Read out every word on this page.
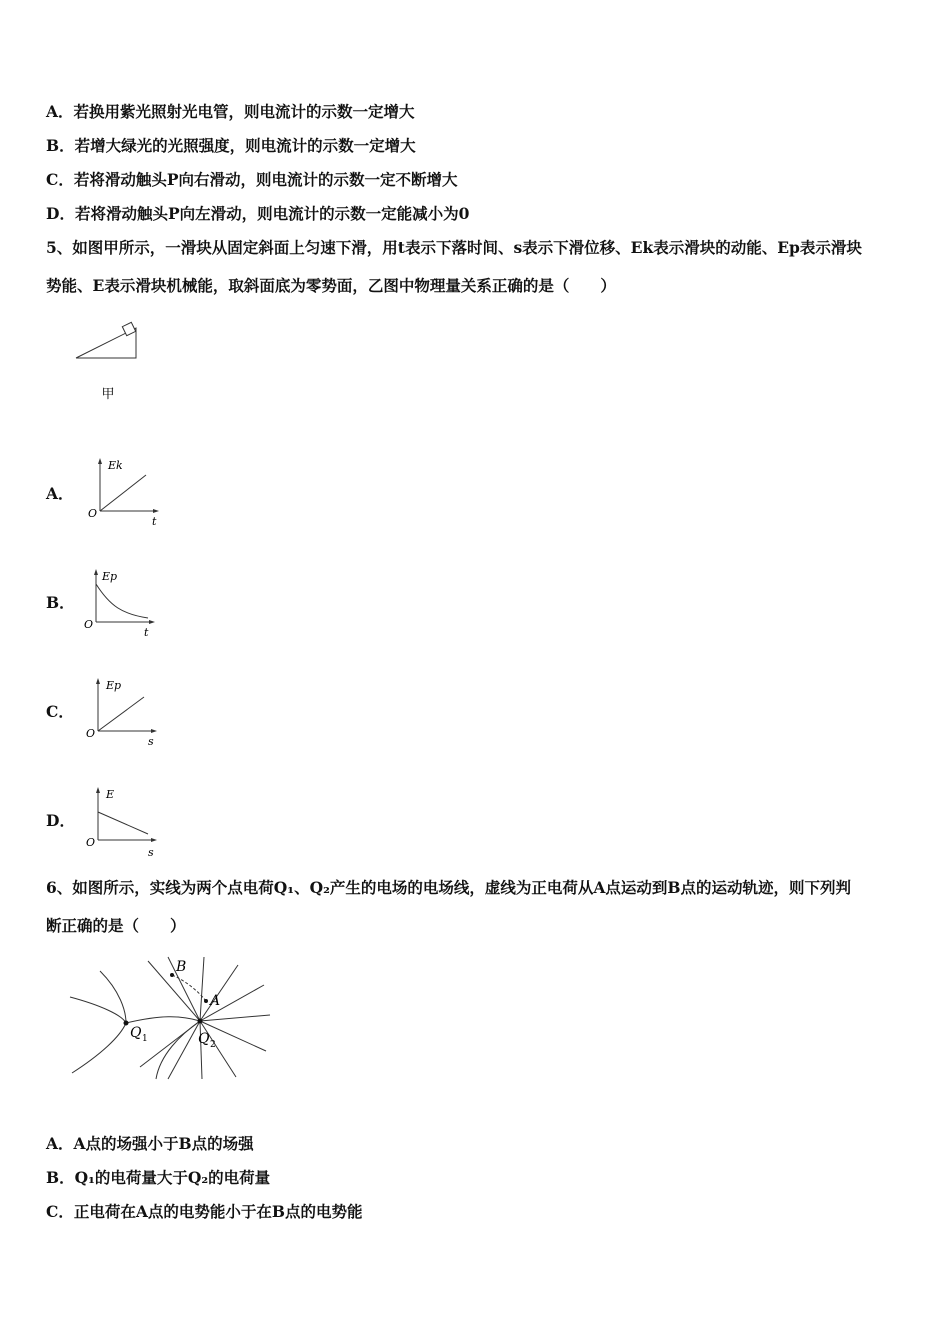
A．若换用紫光照射光电管，则电流计的示数一定增大
B．若增大绿光的光照强度，则电流计的示数一定增大
C．若将滑动触头P向右滑动，则电流计的示数一定不断增大
D．若将滑动触头P向左滑动，则电流计的示数一定能减小为0
5、如图甲所示，一滑块从固定斜面上匀速下滑，用t表示下落时间、s表示下滑位移、Ek表示滑块的动能、Ep表示滑块
势能、E表示滑块机械能，取斜面底为零势面，乙图中物理量关系正确的是（　　）
甲
A．
Ek
O
t
B．
Ep
O
t
C．
Ep
O
s
D．
E
O
s
6、如图所示，实线为两个点电荷Q₁、Q₂产生的电场的电场线，虚线为正电荷从A点运动到B点的运动轨迹，则下列判
断正确的是（　　）
B
A
Q 1	Q 2
A．A点的场强小于B点的场强
B．Q₁的电荷量大于Q₂的电荷量
C．正电荷在A点的电势能小于在B点的电势能
